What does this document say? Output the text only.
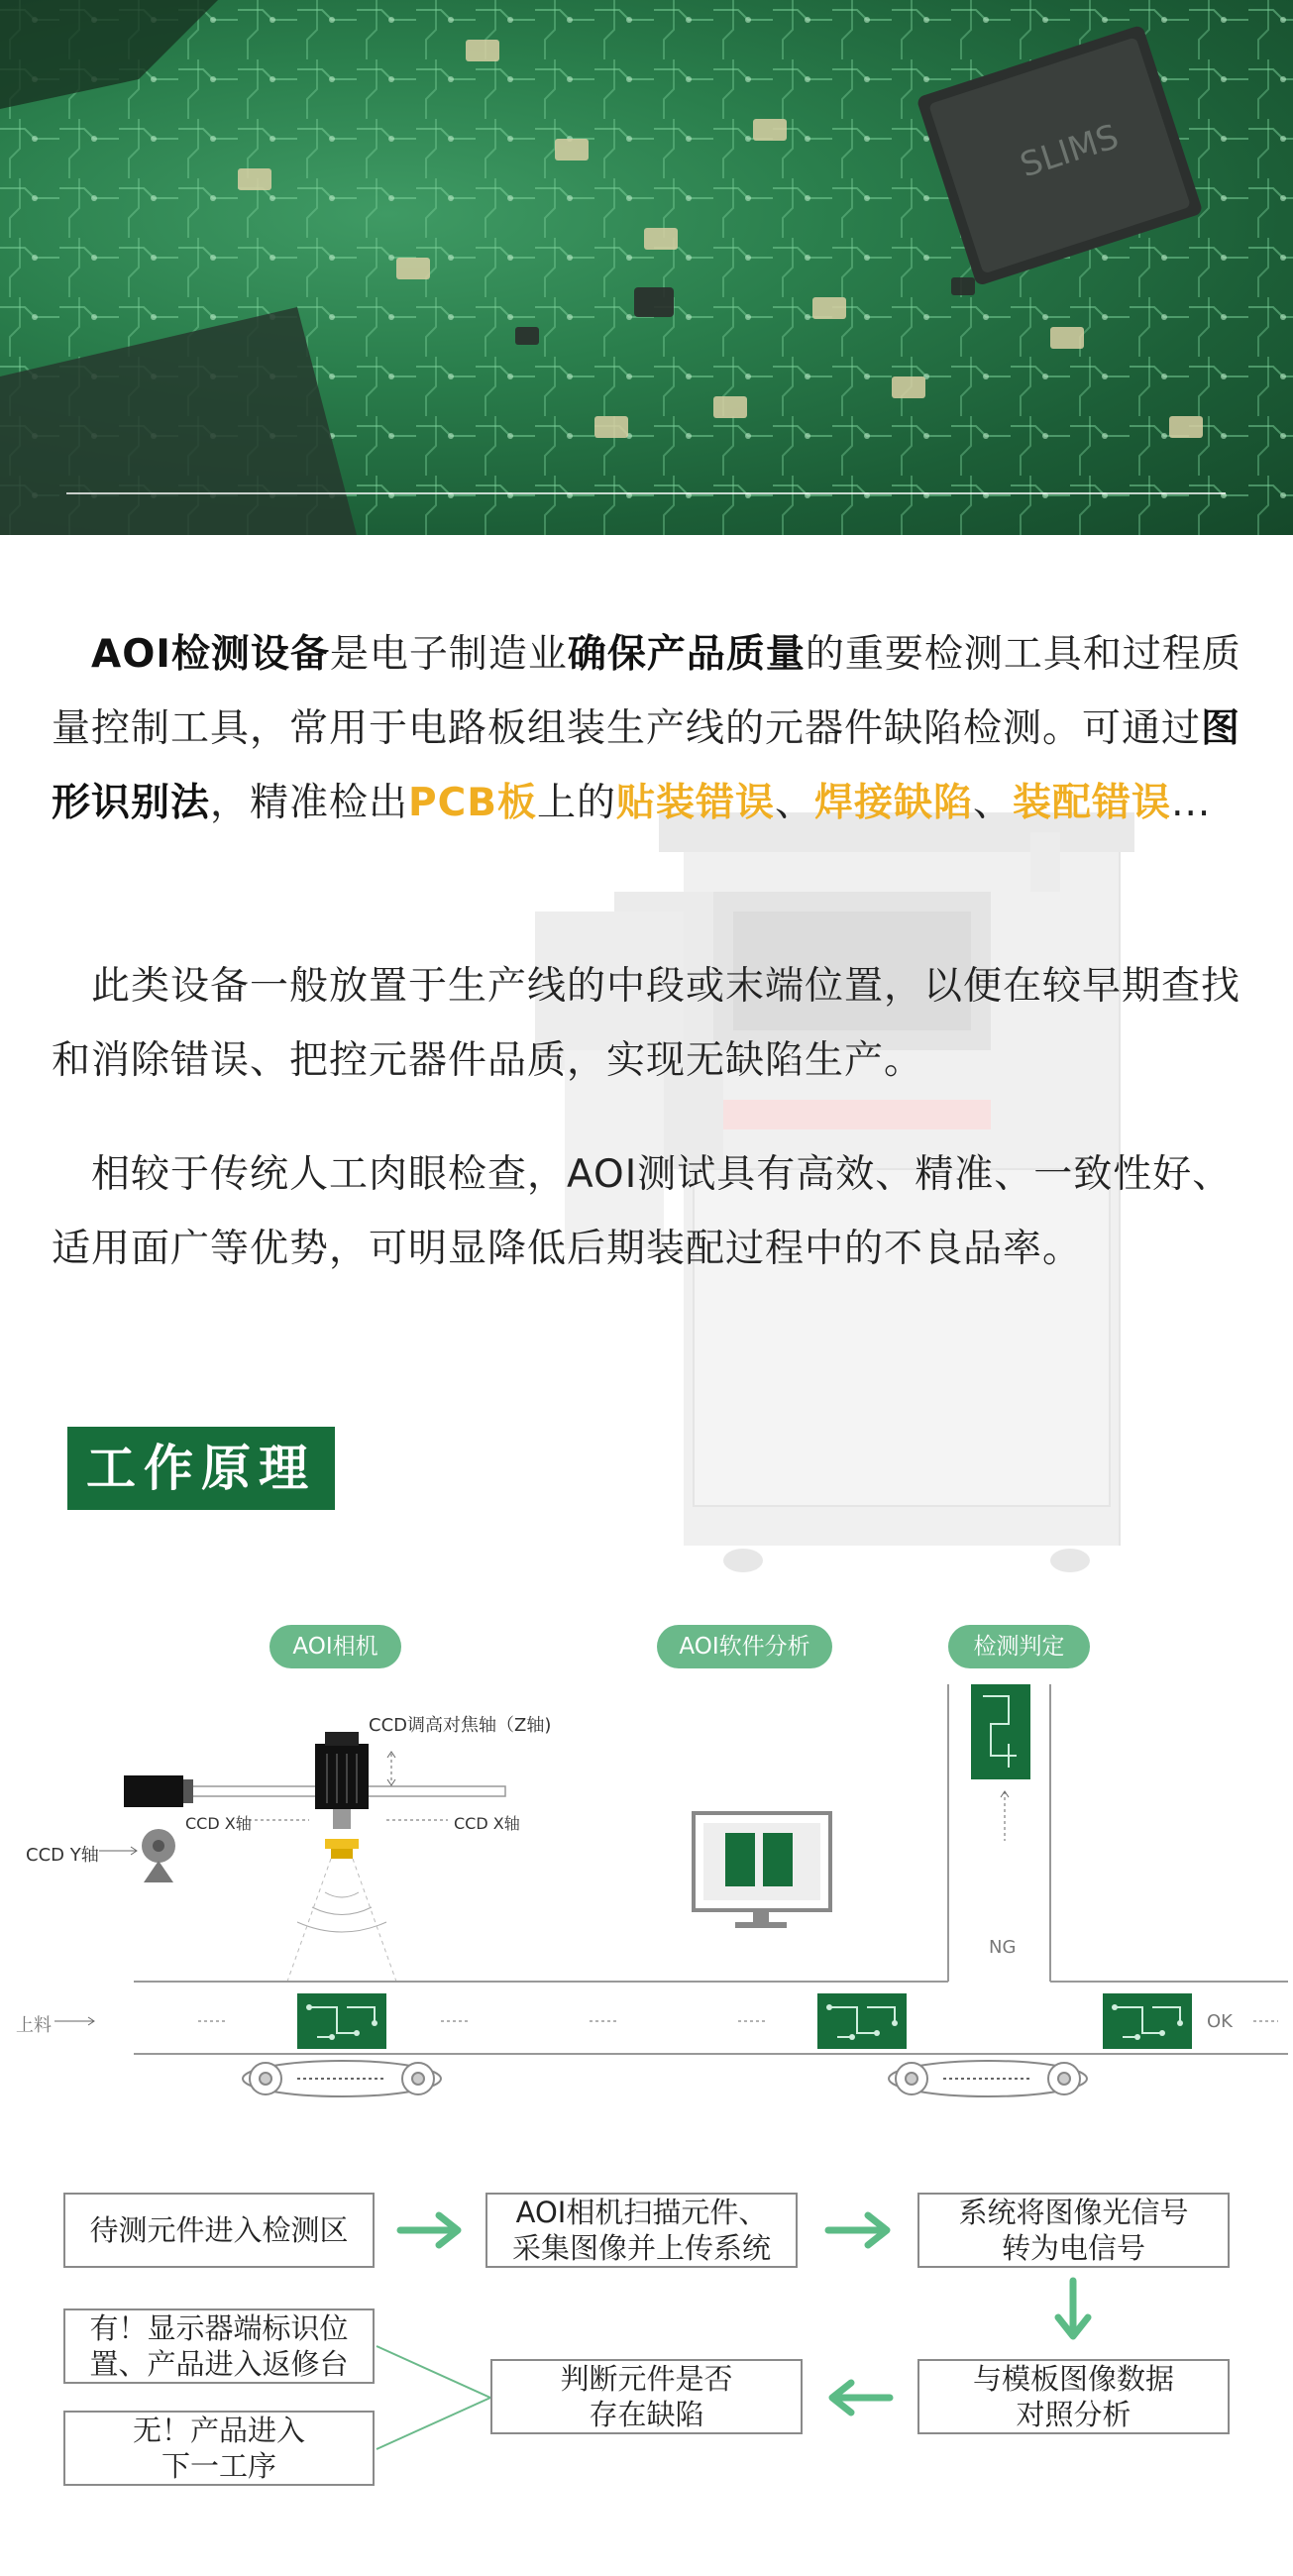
SLIMS
　AOI检测设备是电子制造业确保产品质量的重要检测工具和过程质量控制工具，常用于电路板组装生产线的元器件缺陷检测。可通过图形识别法，精准检出PCB板上的贴装错误、焊接缺陷、装配错误...
　此类设备一般放置于生产线的中段或末端位置，以便在较早期查找和消除错误、把控元器件品质，实现无缺陷生产。
　相较于传统人工肉眼检查，AOI测试具有高效、精准、一致性好、适用面广等优势，可明显降低后期装配过程中的不良品率。
工作原理
AOI相机	AOI软件分析	检测判定
CCD调高对焦轴（Z轴)
CCD X轴	CCD X轴
CCD Y轴
上料
NG
OK
待测元件进入检测区
AOI相机扫描元件、
采集图像并上传系统
系统将图像光信号
转为电信号
与模板图像数据
对照分析
判断元件是否
存在缺陷
有！显示器端标识位
置、产品进入返修台
无！产品进入
下一工序
